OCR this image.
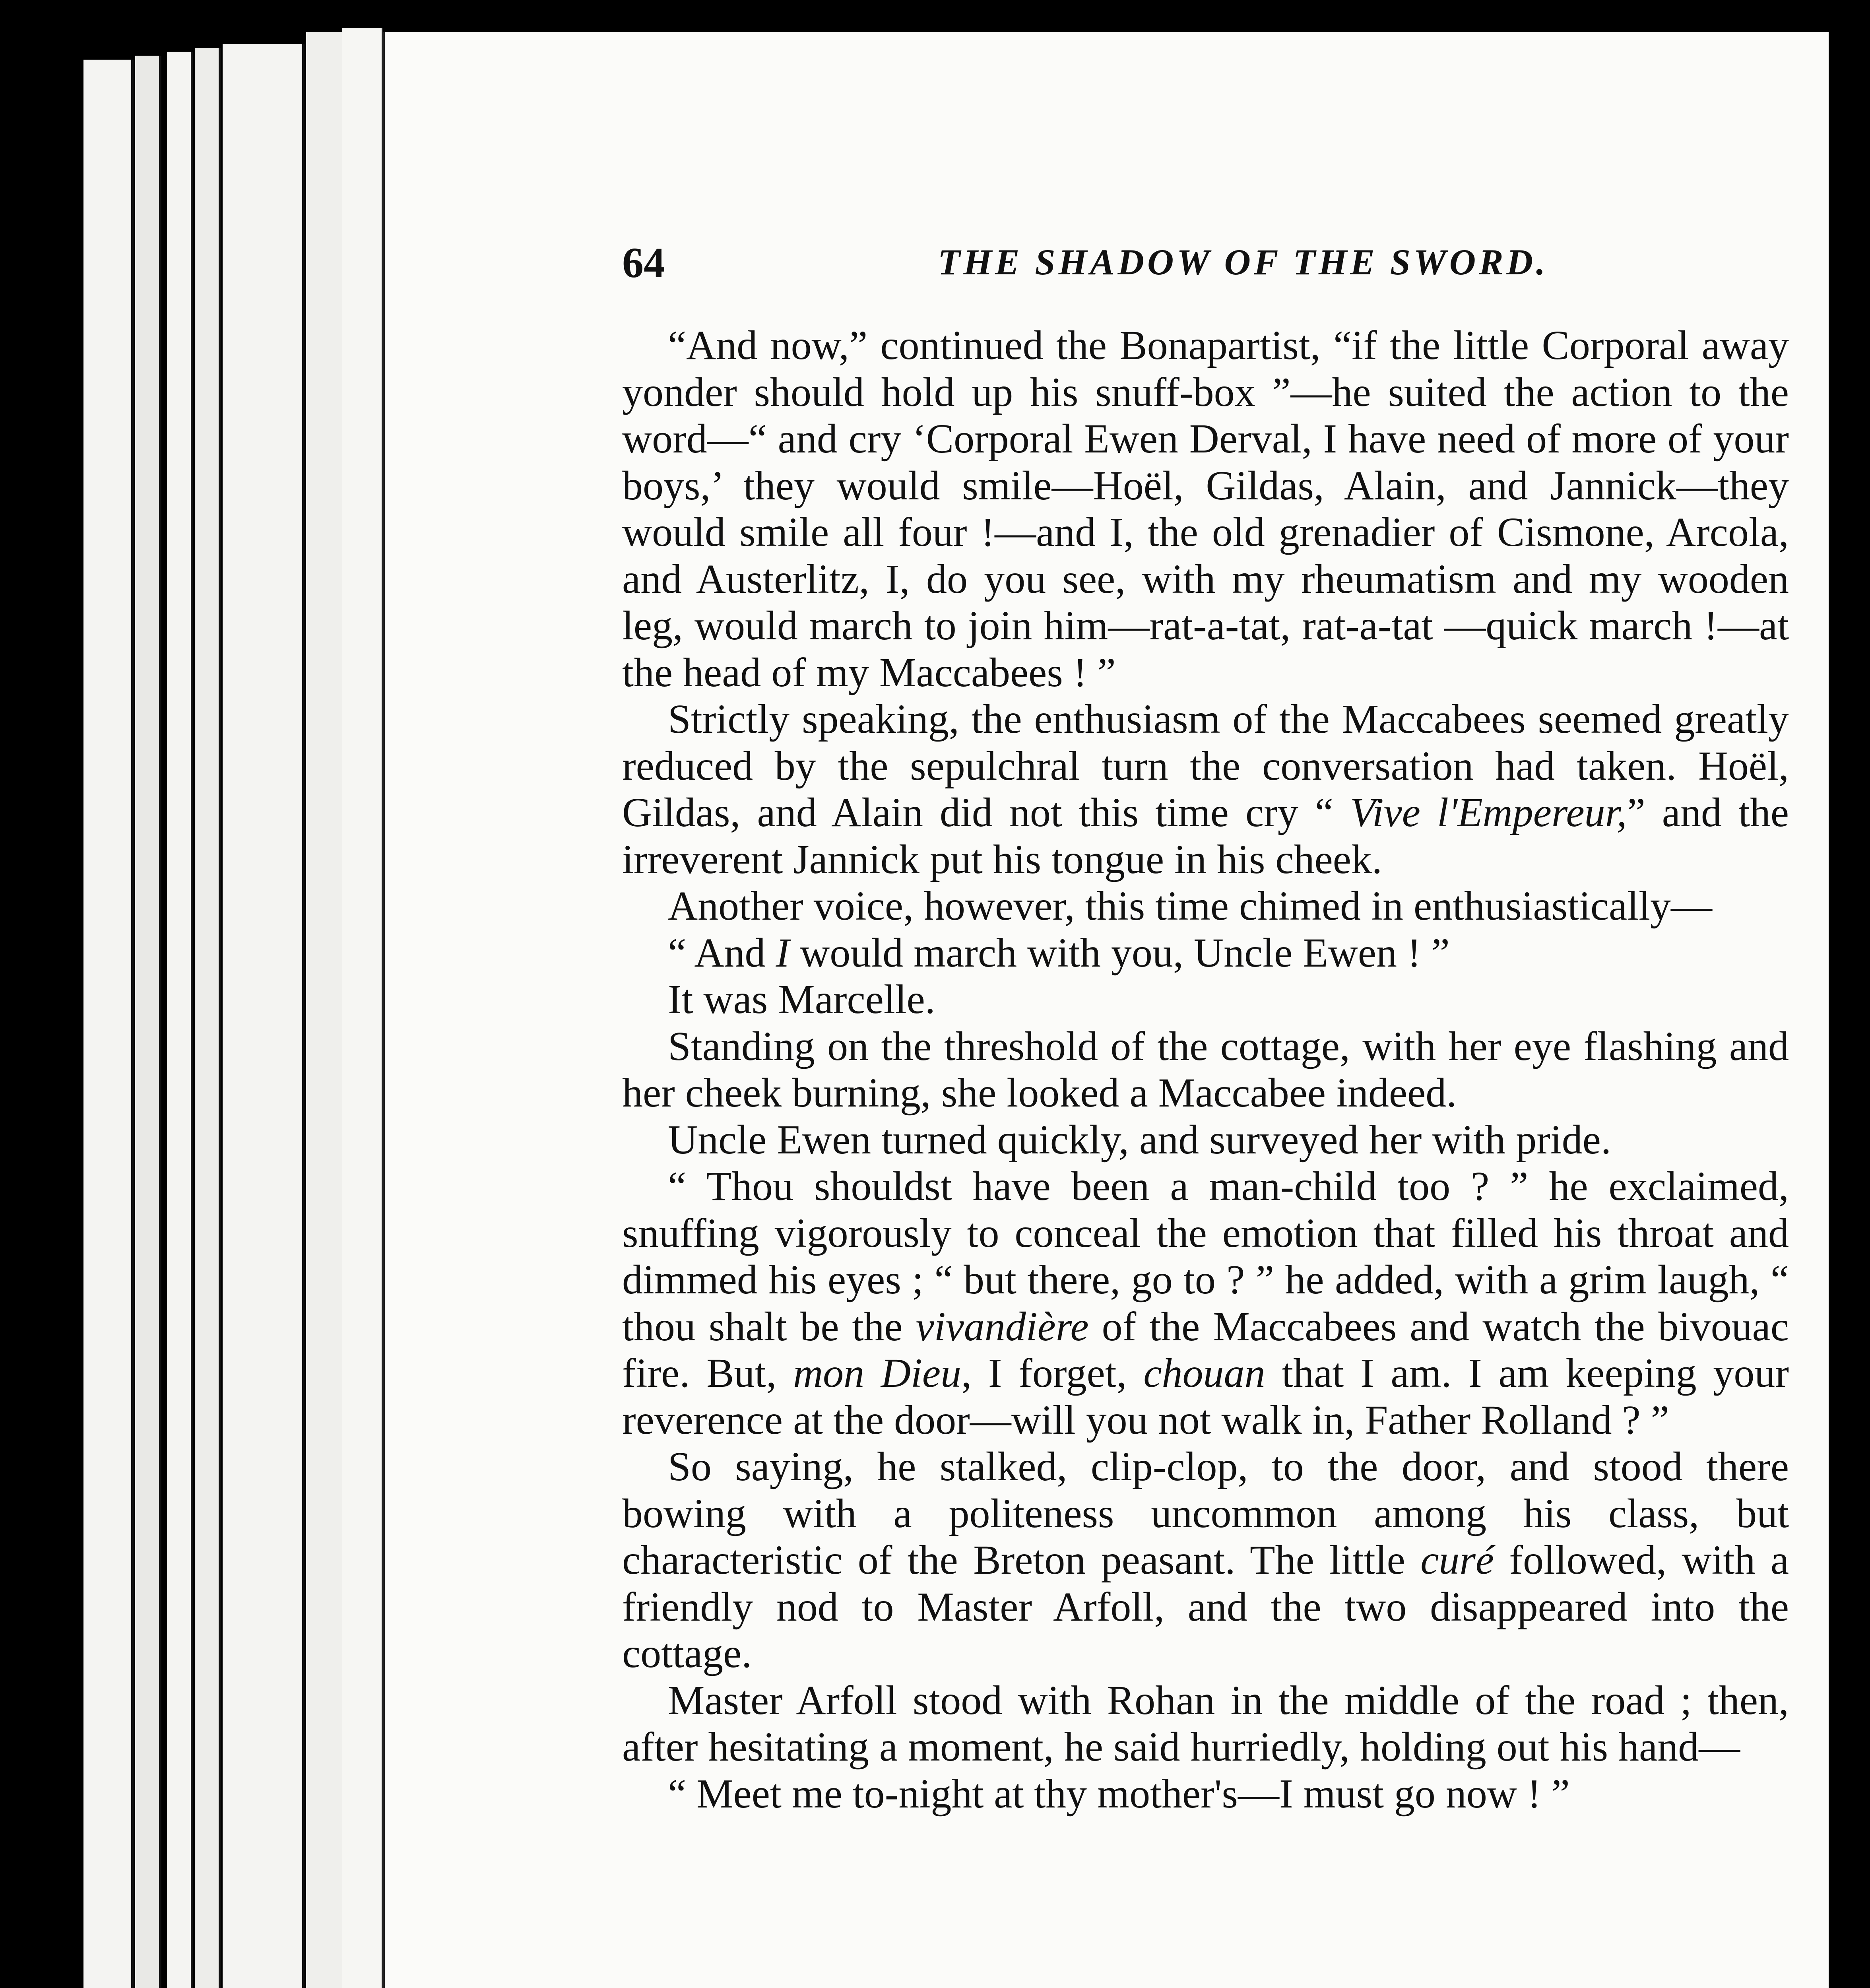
64	THE SHADOW OF THE SWORD.

“And now,” continued the Bonapartist, “if the little Corporal away yonder should hold up his snuff-box ”—he suited the action to the word—“ and cry ‘Corporal Ewen Derval, I have need of more of your boys,’ they would smile—Hoël, Gildas, Alain, and Jannick—they would smile all four !—and I, the old grenadier of Cismone, Arcola, and Austerlitz, I, do you see, with my rheumatism and my wooden leg, would march to join him—rat-a-tat, rat-a-tat —quick march !—at the head of my Maccabees ! ”

Strictly speaking, the enthusiasm of the Maccabees seemed greatly reduced by the sepulchral turn the conversation had taken. Hoël, Gildas, and Alain did not this time cry “ Vive l'Empereur,” and the irreverent Jannick put his tongue in his cheek.

Another voice, however, this time chimed in enthusiastically—

“ And I would march with you, Uncle Ewen ! ”

It was Marcelle.

Standing on the threshold of the cottage, with her eye flashing and her cheek burning, she looked a Maccabee indeed.

Uncle Ewen turned quickly, and surveyed her with pride.

“ Thou shouldst have been a man-child too ? ” he exclaimed, snuffing vigorously to conceal the emotion that filled his throat and dimmed his eyes ; “ but there, go to ? ” he added, with a grim laugh, “ thou shalt be the vivandière of the Maccabees and watch the bivouac fire. But, mon Dieu, I forget, chouan that I am. I am keeping your reverence at the door—will you not walk in, Father Rolland ? ”

So saying, he stalked, clip-clop, to the door, and stood there bowing with a politeness uncommon among his class, but characteristic of the Breton peasant. The little curé followed, with a friendly nod to Master Arfoll, and the two disappeared into the cottage.

Master Arfoll stood with Rohan in the middle of the road ; then, after hesitating a moment, he said hurriedly, holding out his hand—

“ Meet me to-night at thy mother's—I must go now ! ”
